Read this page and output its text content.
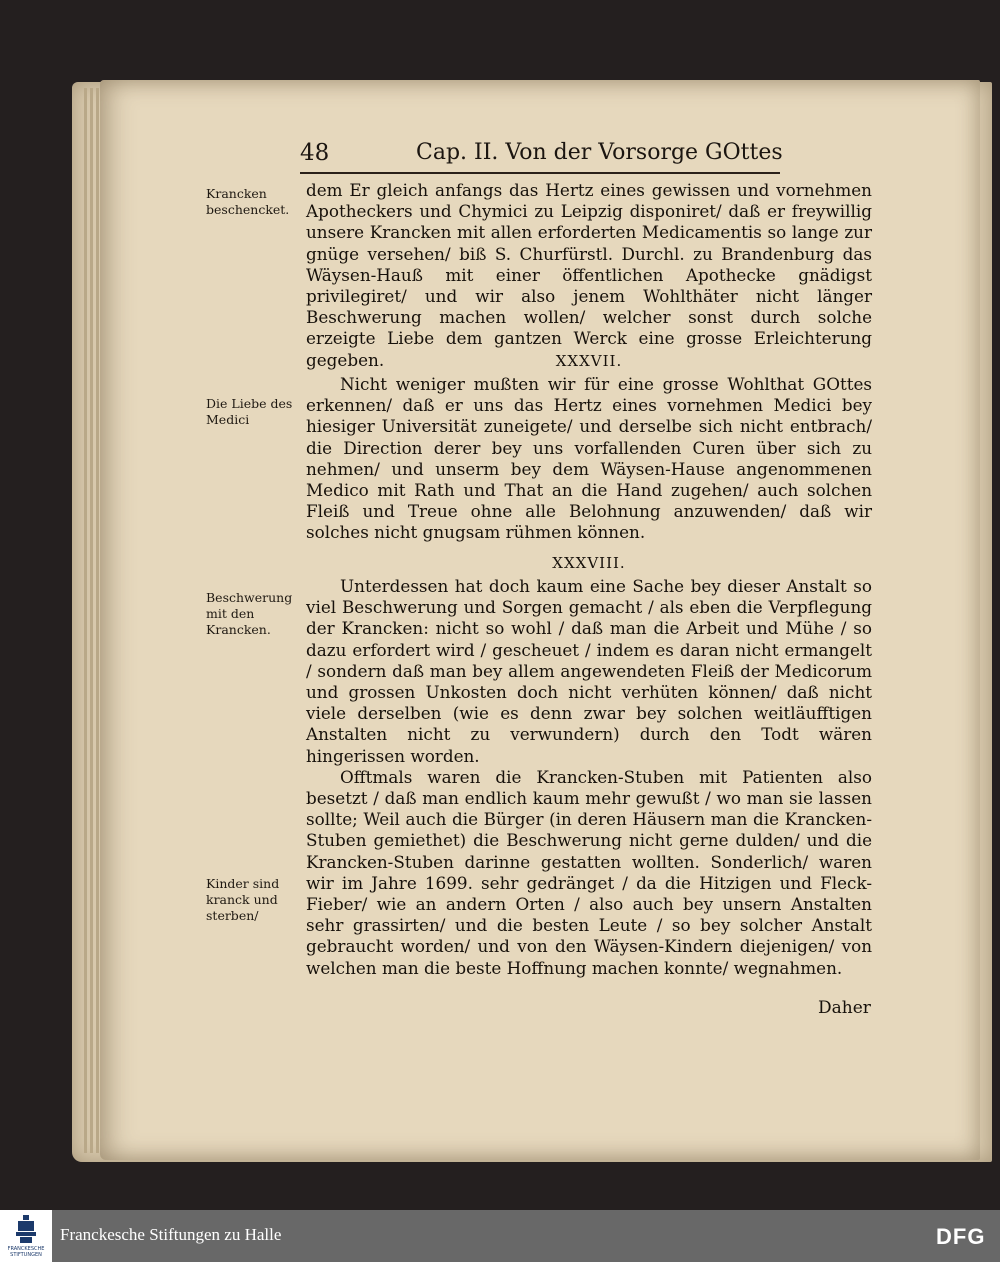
48	Cap. II. Von der Vorsorge GOttes
Krancken beschencket.
Die Liebe des Medici
Beschwerung mit den Krancken.
Kinder sind kranck und sterben/

dem Er gleich anfangs das Hertz eines gewissen und vornehmen Apotheckers und Chymici zu Leipzig disponiret/ daß er freywillig unsere Krancken mit allen erforderten Medicamentis so lange zur gnüge versehen/ biß S. Churfürstl. Durchl. zu Brandenburg das Wäysen-Hauß mit einer öffentlichen Apothecke gnädigst privilegiret/ und wir also jenem Wohlthäter nicht länger Beschwerung machen wollen/ welcher sonst durch solche erzeigte Liebe dem gantzen Werck eine grosse Erleichterung gegeben.	XXXVII.

Nicht weniger mußten wir für eine grosse Wohlthat GOttes erkennen/ daß er uns das Hertz eines vornehmen Medici bey hiesiger Universität zuneigete/ und derselbe sich nicht entbrach/ die Direction derer bey uns vorfallenden Curen über sich zu nehmen/ und unserm bey dem Wäysen-Hause angenommenen Medico mit Rath und That an die Hand zugehen/ auch solchen Fleiß und Treue ohne alle Belohnung anzuwenden/ daß wir solches nicht gnugsam rühmen können.

XXXVIII.

Unterdessen hat doch kaum eine Sache bey dieser Anstalt so viel Beschwerung und Sorgen gemacht / als eben die Verpflegung der Krancken: nicht so wohl / daß man die Arbeit und Mühe / so dazu erfordert wird / gescheuet / indem es daran nicht ermangelt / sondern daß man bey allem angewendeten Fleiß der Medicorum und grossen Unkosten doch nicht verhüten können/ daß nicht viele derselben (wie es denn zwar bey solchen weitläufftigen Anstalten nicht zu verwundern) durch den Todt wären hingerissen worden.

Offtmals waren die Krancken-Stuben mit Patienten also besetzt / daß man endlich kaum mehr gewußt / wo man sie lassen sollte; Weil auch die Bürger (in deren Häusern man die Krancken-Stuben gemiethet) die Beschwerung nicht gerne dulden/ und die Krancken-Stuben darinne gestatten wollten. Sonderlich/ waren wir im Jahre 1699. sehr gedränget / da die Hitzigen und Fleck-Fieber/ wie an andern Orten / also auch bey unsern Anstalten sehr grassirten/ und die besten Leute / so bey solcher Anstalt gebraucht worden/ und von den Wäysen-Kindern diejenigen/ von welchen man die beste Hoffnung machen konnte/ wegnahmen.

Daher
FRANCKESCHE STIFTUNGEN
Franckesche Stiftungen zu Halle	DFG
